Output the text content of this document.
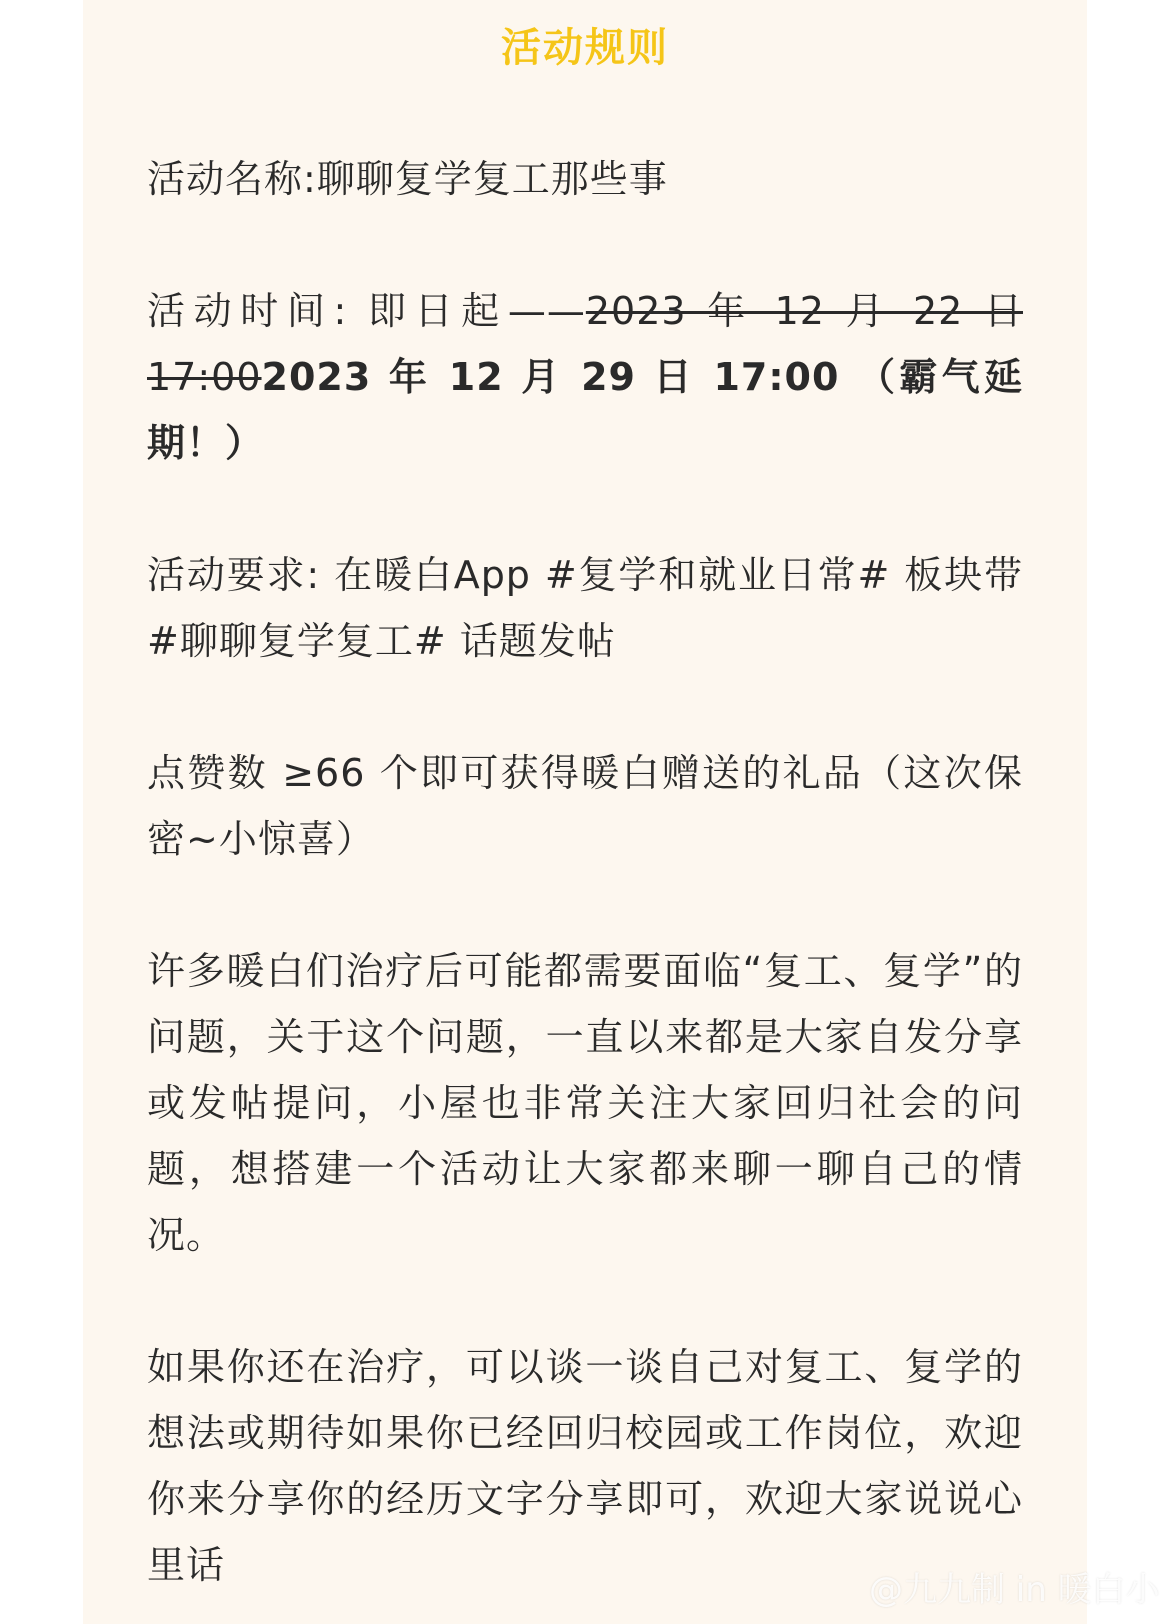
活动规则

活动名称:聊聊复学复工那些事

活动时间: 即日起——2023 年 12 月 22 日 17:002023 年 12 月 29 日 17:00 （霸气延期！）

活动要求: 在暖白App #复学和就业日常# 板块带 #聊聊复学复工# 话题发帖

点赞数 ≥66 个即可获得暖白赠送的礼品（这次保密~小惊喜）

许多暖白们治疗后可能都需要面临“复工、复学”的问题，关于这个问题，一直以来都是大家自发分享或发帖提问，小屋也非常关注大家回归社会的问题，想搭建一个活动让大家都来聊一聊自己的情况。

如果你还在治疗，可以谈一谈自己对复工、复学的想法或期待如果你已经回归校园或工作岗位，欢迎你来分享你的经历文字分享即可，欢迎大家说说心里话

@九九制 in 暖白小
